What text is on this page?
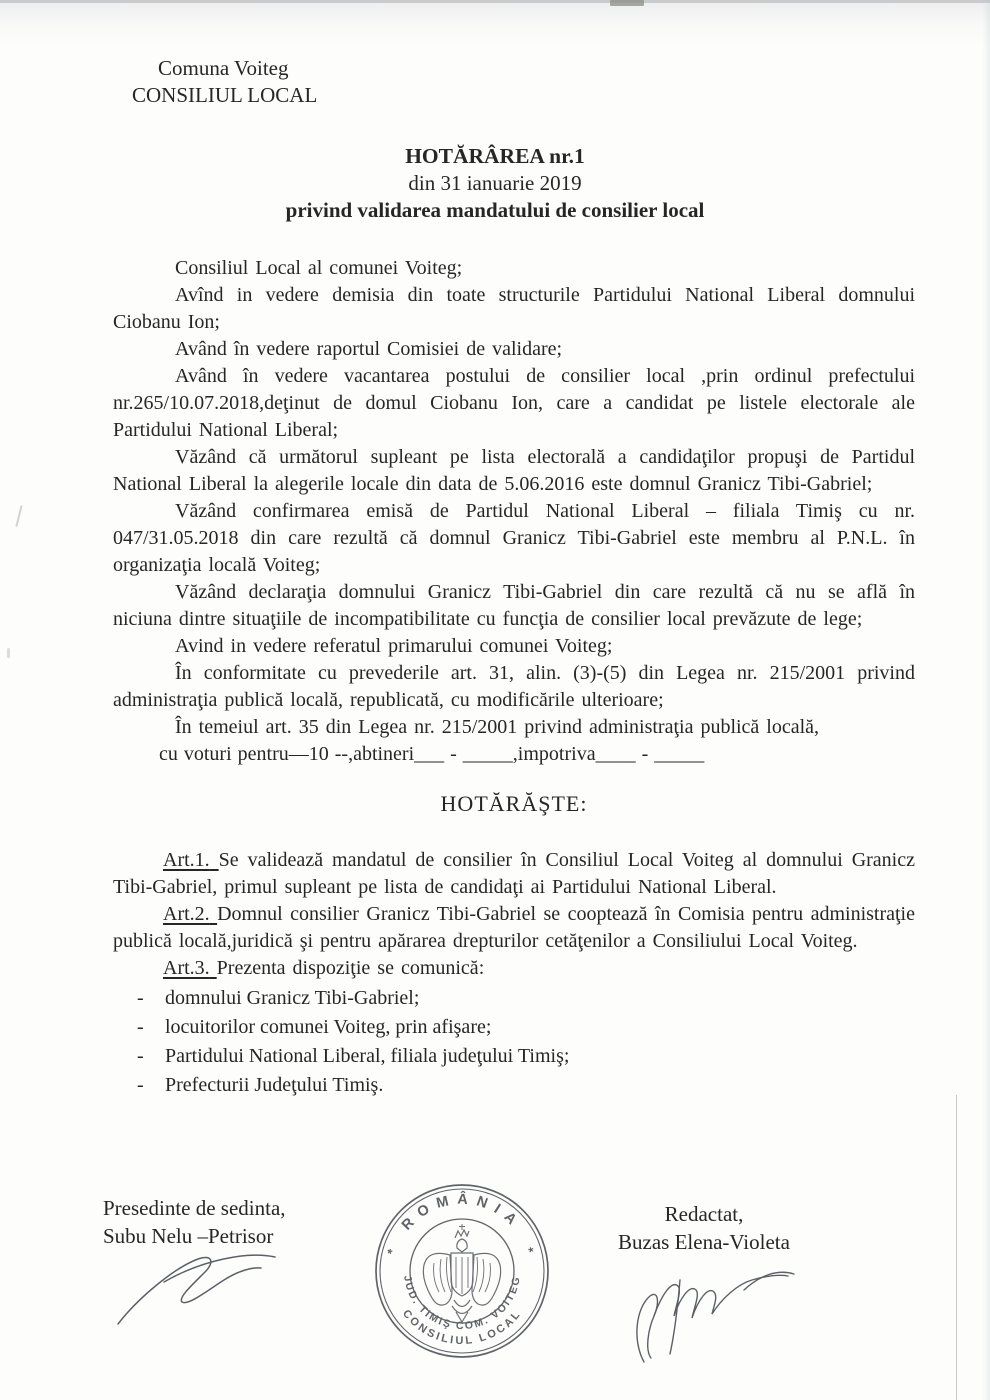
Comuna Voiteg
CONSILIUL LOCAL
HOTĂRÂREA nr.1
din 31 ianuarie 2019
privind validarea mandatului de consilier local

Consiliul Local al comunei Voiteg;

Avînd in vedere demisia din toate structurile Partidului National Liberal domnului Ciobanu Ion;

Având în vedere raportul Comisiei de validare;

Având în vedere vacantarea postului de consilier local ,prin ordinul prefectului nr.265/10.07.2018,deţinut de domul Ciobanu Ion, care a candidat pe listele electorale ale Partidului National Liberal;

Văzând că următorul supleant pe lista electorală a candidaţilor propuşi de Partidul National Liberal la alegerile locale din data de 5.06.2016 este domnul Granicz Tibi-Gabriel;

Văzând confirmarea emisă de Partidul National Liberal – filiala Timiş cu nr. 047/31.05.2018 din care rezultă că domnul Granicz Tibi-Gabriel este membru al P.N.L. în organizaţia locală Voiteg;

Văzând declaraţia domnului Granicz Tibi-Gabriel din care rezultă că nu se află în niciuna dintre situaţiile de incompatibilitate cu funcţia de consilier local prevăzute de lege;

Avind in vedere referatul primarului comunei Voiteg;

În conformitate cu prevederile art. 31, alin. (3)-(5) din Legea nr. 215/2001 privind administraţia publică locală, republicată, cu modificările ulterioare;

În temeiul art. 35 din Legea nr. 215/2001 privind administraţia publică locală,

cu voturi pentru—10 --,abtineri___ - _____,impotriva____ - _____

HOTĂRĂŞTE:

Art.1. Se validează mandatul de consilier în Consiliul Local Voiteg al domnului Granicz Tibi-Gabriel, primul supleant pe lista de candidaţi ai Partidului National Liberal.

Art.2. Domnul consilier Granicz Tibi-Gabriel se cooptează în Comisia pentru administraţie publică locală,juridică şi pentru apărarea drepturilor cetăţenilor a Consiliului Local Voiteg.

Art.3. Prezenta dispoziţie se comunică:

-	domnului Granicz Tibi-Gabriel;
-	locuitorilor comunei Voiteg, prin afişare;
-	Partidului National Liberal, filiala judeţului Timiş;
-	Prefecturii Judeţului Timiş.
Presedinte de sedinta,
Subu Nelu –Petrisor
ROMÂNIA
*	*
JUD. TIMIŞ COM. VOITEG
CONSILIUL LOCAL
Redactat,
Buzas Elena-Violeta
